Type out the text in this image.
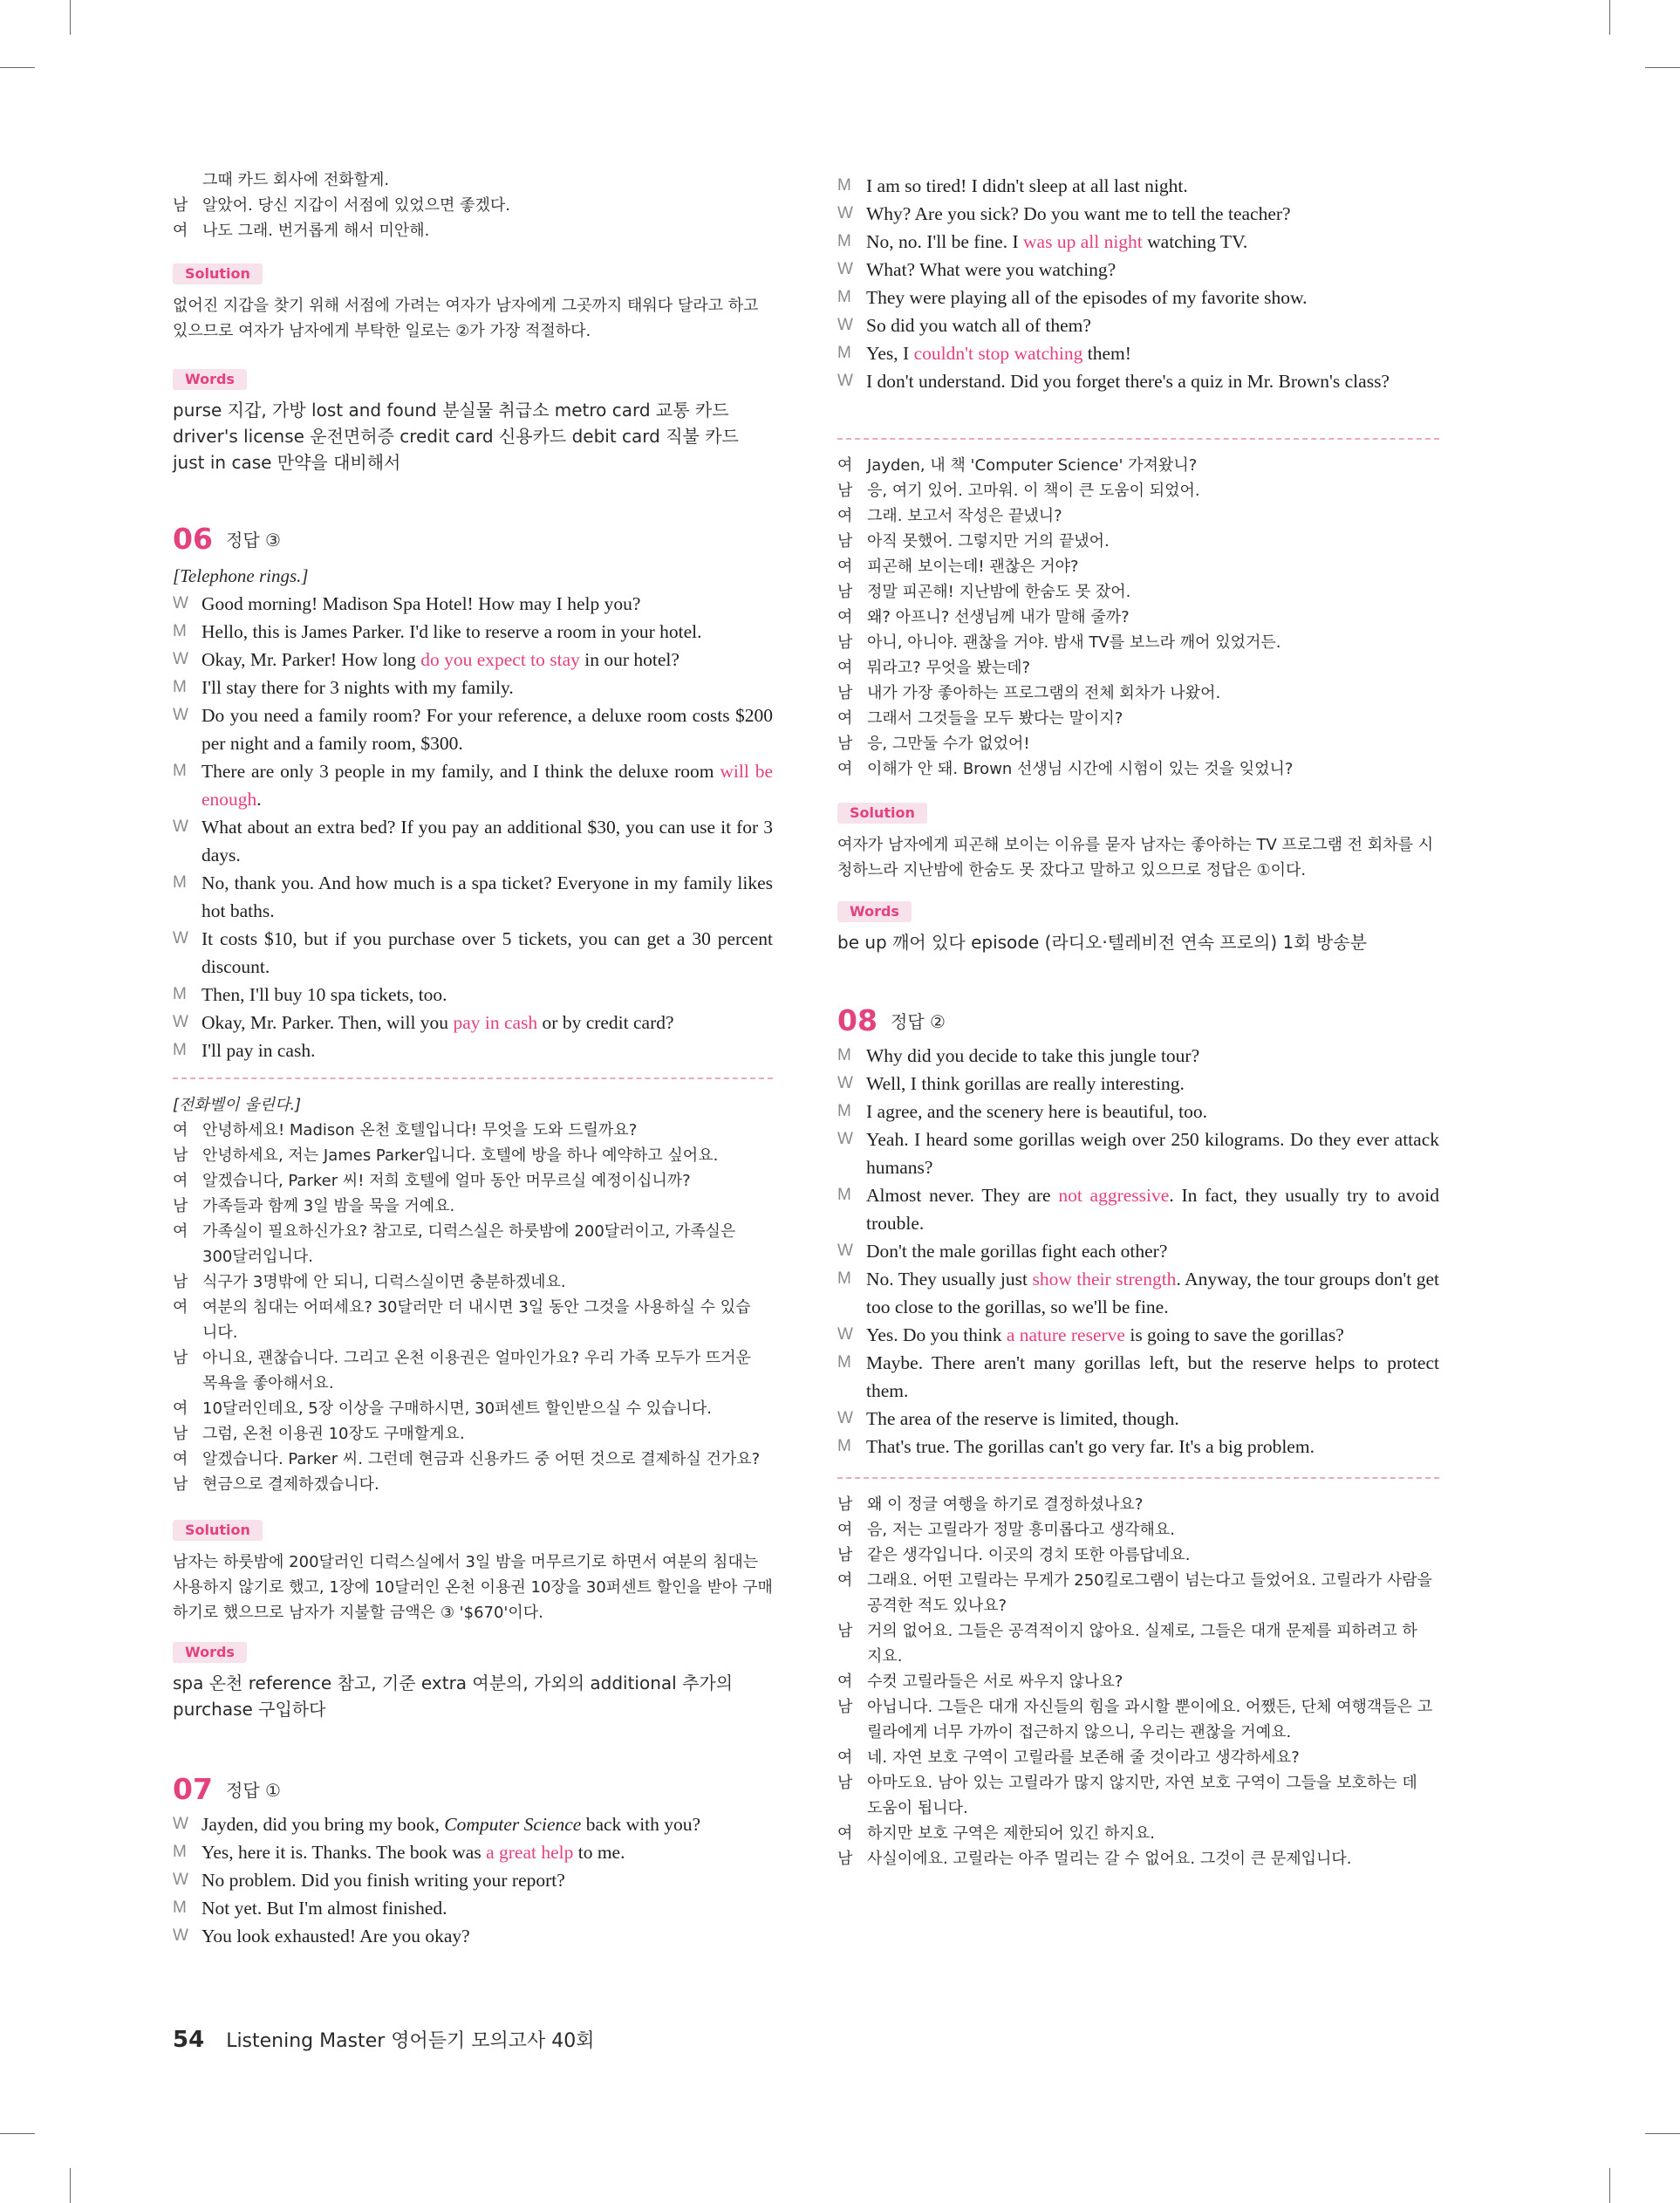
그때 카드 회사에 전화할게.
남 알았어. 당신 지갑이 서점에 있었으면 좋겠다.
여 나도 그래. 번거롭게 해서 미안해.
Solution
없어진 지갑을 찾기 위해 서점에 가려는 여자가 남자에게 그곳까지 태워다 달라고 하고 있으므로 여자가 남자에게 부탁한 일로는 ②가 가장 적절하다.
Words
purse 지갑, 가방 lost and found 분실물 취급소 metro card 교통 카드
driver's license 운전면허증 credit card 신용카드 debit card 직불 카드
just in case 만약을 대비해서
06 정답 ③
[Telephone rings.]
W Good morning! Madison Spa Hotel! How may I help you?
M Hello, this is James Parker. I'd like to reserve a room in your hotel.
W Okay, Mr. Parker! How long do you expect to stay in our hotel?
M I'll stay there for 3 nights with my family.
W Do you need a family room? For your reference, a deluxe room costs $200 per night and a family room, $300.
M There are only 3 people in my family, and I think the deluxe room will be enough.
W What about an extra bed? If you pay an additional $30, you can use it for 3 days.
M No, thank you. And how much is a spa ticket? Everyone in my family likes hot baths.
W It costs $10, but if you purchase over 5 tickets, you can get a 30 percent discount.
M Then, I'll buy 10 spa tickets, too.
W Okay, Mr. Parker. Then, will you pay in cash or by credit card?
M I'll pay in cash.
[전화벨이 울린다.]
여 안녕하세요! Madison 온천 호텔입니다! 무엇을 도와 드릴까요?
남 안녕하세요, 저는 James Parker입니다. 호텔에 방을 하나 예약하고 싶어요.
여 알겠습니다, Parker 씨! 저희 호텔에 얼마 동안 머무르실 예정이십니까?
남 가족들과 함께 3일 밤을 묵을 거예요.
여 가족실이 필요하신가요? 참고로, 디럭스실은 하룻밤에 200달러이고, 가족실은
300달러입니다.
남 식구가 3명밖에 안 되니, 디럭스실이면 충분하겠네요.
여 여분의 침대는 어떠세요? 30달러만 더 내시면 3일 동안 그것을 사용하실 수 있습
니다.
남 아니요, 괜찮습니다. 그리고 온천 이용권은 얼마인가요? 우리 가족 모두가 뜨거운
목욕을 좋아해서요.
여 10달러인데요, 5장 이상을 구매하시면, 30퍼센트 할인받으실 수 있습니다.
남 그럼, 온천 이용권 10장도 구매할게요.
여 알겠습니다. Parker 씨. 그런데 현금과 신용카드 중 어떤 것으로 결제하실 건가요?
남 현금으로 결제하겠습니다.
Solution
남자는 하룻밤에 200달러인 디럭스실에서 3일 밤을 머무르기로 하면서 여분의 침대는 사용하지 않기로 했고, 1장에 10달러인 온천 이용권 10장을 30퍼센트 할인을 받아 구매하기로 했으므로 남자가 지불할 금액은 ③ '$670'이다.
Words
spa 온천 reference 참고, 기준 extra 여분의, 가외의 additional 추가의
purchase 구입하다
07 정답 ①
W Jayden, did you bring my book, Computer Science back with you?
M Yes, here it is. Thanks. The book was a great help to me.
W No problem. Did you finish writing your report?
M Not yet. But I'm almost finished.
W You look exhausted! Are you okay?
M I am so tired! I didn't sleep at all last night.
W Why? Are you sick? Do you want me to tell the teacher?
M No, no. I'll be fine. I was up all night watching TV.
W What? What were you watching?
M They were playing all of the episodes of my favorite show.
W So did you watch all of them?
M Yes, I couldn't stop watching them!
W I don't understand. Did you forget there's a quiz in Mr. Brown's class?
여 Jayden, 내 책 'Computer Science' 가져왔니?
남 응, 여기 있어. 고마워. 이 책이 큰 도움이 되었어.
여 그래. 보고서 작성은 끝냈니?
남 아직 못했어. 그렇지만 거의 끝냈어.
여 피곤해 보이는데! 괜찮은 거야?
남 정말 피곤해! 지난밤에 한숨도 못 잤어.
여 왜? 아프니? 선생님께 내가 말해 줄까?
남 아니, 아니야. 괜찮을 거야. 밤새 TV를 보느라 깨어 있었거든.
여 뭐라고? 무엇을 봤는데?
남 내가 가장 좋아하는 프로그램의 전체 회차가 나왔어.
여 그래서 그것들을 모두 봤다는 말이지?
남 응, 그만둘 수가 없었어!
여 이해가 안 돼. Brown 선생님 시간에 시험이 있는 것을 잊었니?
Solution
여자가 남자에게 피곤해 보이는 이유를 묻자 남자는 좋아하는 TV 프로그램 전 회차를 시청하느라 지난밤에 한숨도 못 잤다고 말하고 있으므로 정답은 ①이다.
Words
be up 깨어 있다 episode (라디오·텔레비전 연속 프로의) 1회 방송분
08 정답 ②
M Why did you decide to take this jungle tour?
W Well, I think gorillas are really interesting.
M I agree, and the scenery here is beautiful, too.
W Yeah. I heard some gorillas weigh over 250 kilograms. Do they ever attack humans?
M Almost never. They are not aggressive. In fact, they usually try to avoid trouble.
W Don't the male gorillas fight each other?
M No. They usually just show their strength. Anyway, the tour groups don't get too close to the gorillas, so we'll be fine.
W Yes. Do you think a nature reserve is going to save the gorillas?
M Maybe. There aren't many gorillas left, but the reserve helps to protect them.
W The area of the reserve is limited, though.
M That's true. The gorillas can't go very far. It's a big problem.
남 왜 이 정글 여행을 하기로 결정하셨나요?
여 음, 저는 고릴라가 정말 흥미롭다고 생각해요.
남 같은 생각입니다. 이곳의 경치 또한 아름답네요.
여 그래요. 어떤 고릴라는 무게가 250킬로그램이 넘는다고 들었어요. 고릴라가 사람을
공격한 적도 있나요?
남 거의 없어요. 그들은 공격적이지 않아요. 실제로, 그들은 대개 문제를 피하려고 하
지요.
여 수컷 고릴라들은 서로 싸우지 않나요?
남 아닙니다. 그들은 대개 자신들의 힘을 과시할 뿐이에요. 어쨌든, 단체 여행객들은 고
릴라에게 너무 가까이 접근하지 않으니, 우리는 괜찮을 거예요.
여 네. 자연 보호 구역이 고릴라를 보존해 줄 것이라고 생각하세요?
남 아마도요. 남아 있는 고릴라가 많지 않지만, 자연 보호 구역이 그들을 보호하는 데
도움이 됩니다.
여 하지만 보호 구역은 제한되어 있긴 하지요.
남 사실이에요. 고릴라는 아주 멀리는 갈 수 없어요. 그것이 큰 문제입니다.
54 Listening Master 영어듣기 모의고사 40회
